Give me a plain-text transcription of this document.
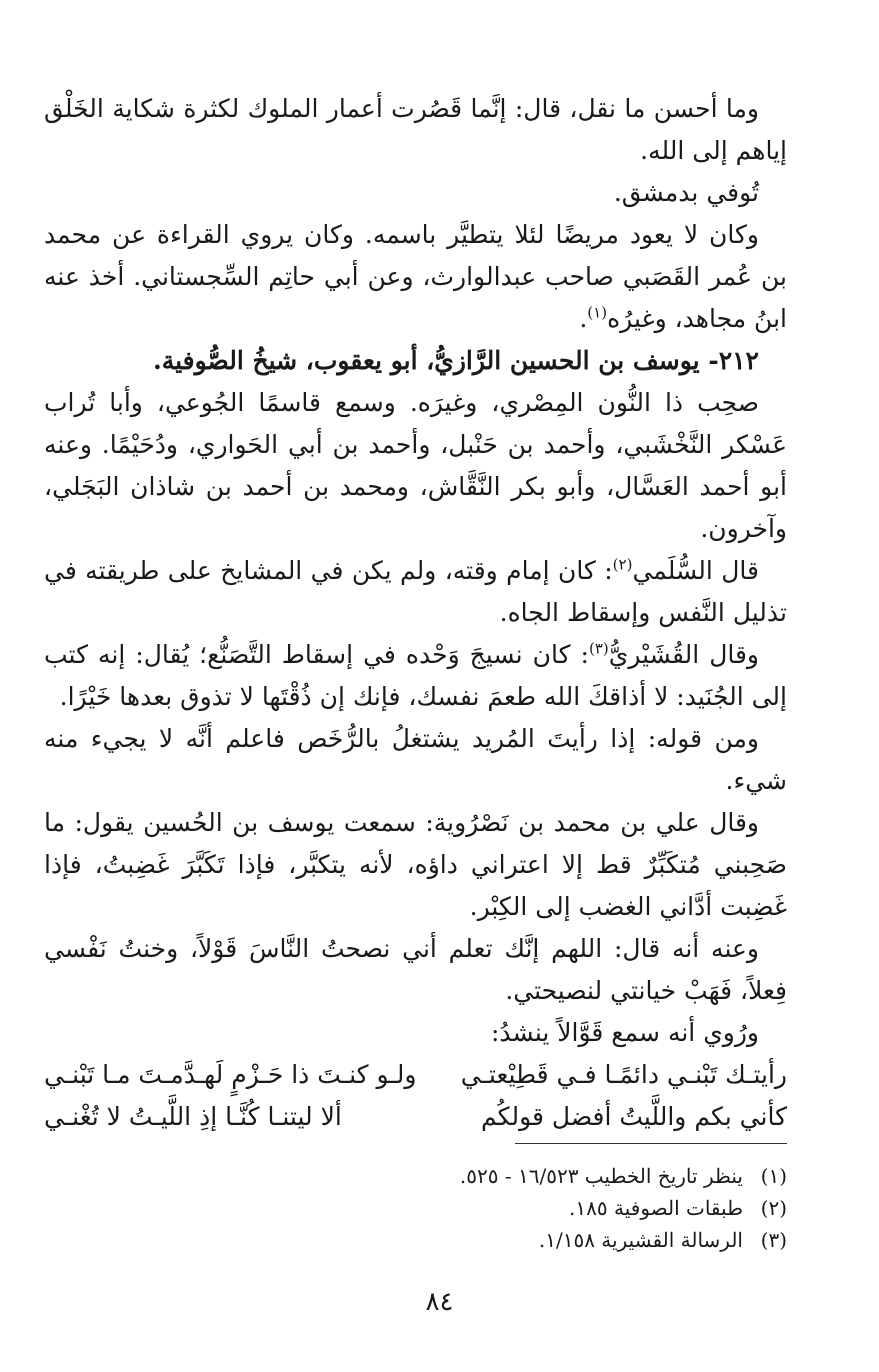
وما أحسن ما نقل، قال: إنَّما قَصُرت أعمار الملوك لكثرة شكاية الخَلْق إياهم إلى الله.

تُوفي بدمشق.

وكان لا يعود مريضًا لئلا يتطيَّر باسمه. وكان يروي القراءة عن محمد بن عُمر القَصَبي صاحب عبدالوارث، وعن أبي حاتِم السِّجستاني. أخذ عنه ابنُ مجاهد، وغيرُه$^{(١)}$.

٢١٢- يوسف بن الحسين الرَّازيُّ، أبو يعقوب، شيخُ الصُّوفية.

صحِب ذا النُّون المِصْري، وغيرَه. وسمع قاسمًا الجُوعي، وأبا تُراب عَسْكر النَّخْشَبي، وأحمد بن حَنْبل، وأحمد بن أبي الحَواري، ودُحَيْمًا. وعنه أبو أحمد العَسَّال، وأبو بكر النَّقَّاش، ومحمد بن أحمد بن شاذان البَجَلي، وآخرون.

قال السُّلَمي$^{(٢)}$: كان إمام وقته، ولم يكن في المشايخ على طريقته في تذليل النَّفس وإسقاط الجاه.

وقال القُشَيْريُّ$^{(٣)}$: كان نسيجَ وَحْده في إسقاط التَّصَنُّع؛ يُقال: إنه كتب إلى الجُنَيد: لا أذاقكَ الله طعمَ نفسك، فإنك إن ذُقْتَها لا تذوق بعدها خَيْرًا.

ومن قوله: إذا رأيتَ المُريد يشتغلُ بالرُّخَص فاعلم أنَّه لا يجيء منه شيء.

وقال علي بن محمد بن نَصْرُوية: سمعت يوسف بن الحُسين يقول: ما صَحِبني مُتكَبِّرٌ قط إلا اعتراني داؤه، لأنه يتكبَّر، فإذا تَكَبَّرَ غَضِبتُ، فإذا غَضِبت أدَّاني الغضب إلى الكِبْر.

وعنه أنه قال: اللهم إنَّك تعلم أني نصحتُ النَّاسَ قَوْلاً، وخنتُ نَفْسي فِعلاً، فَهَبْ خيانتي لنصيحتي.

ورُوي أنه سمع قَوَّالاً ينشدُ:

رأيتـك تَبْنـي دائمًـا فـي قَطِيْعتـي
ولـو كنـتَ ذا حَـزْمٍ لَهـدَّمـتَ مـا تَبْنـي
كأني بكم واللَّيتُ أفضل قولكُم
ألا ليتنـا كُنَّـا إذِ اللَّيـتُ لا تُغْنـي
(١)ينظر تاريخ الخطيب ١٦/٥٢٣ - ٥٢٥.
(٢)طبقات الصوفية ١٨٥.
(٣)الرسالة القشيرية ١/١٥٨.
٨٤
